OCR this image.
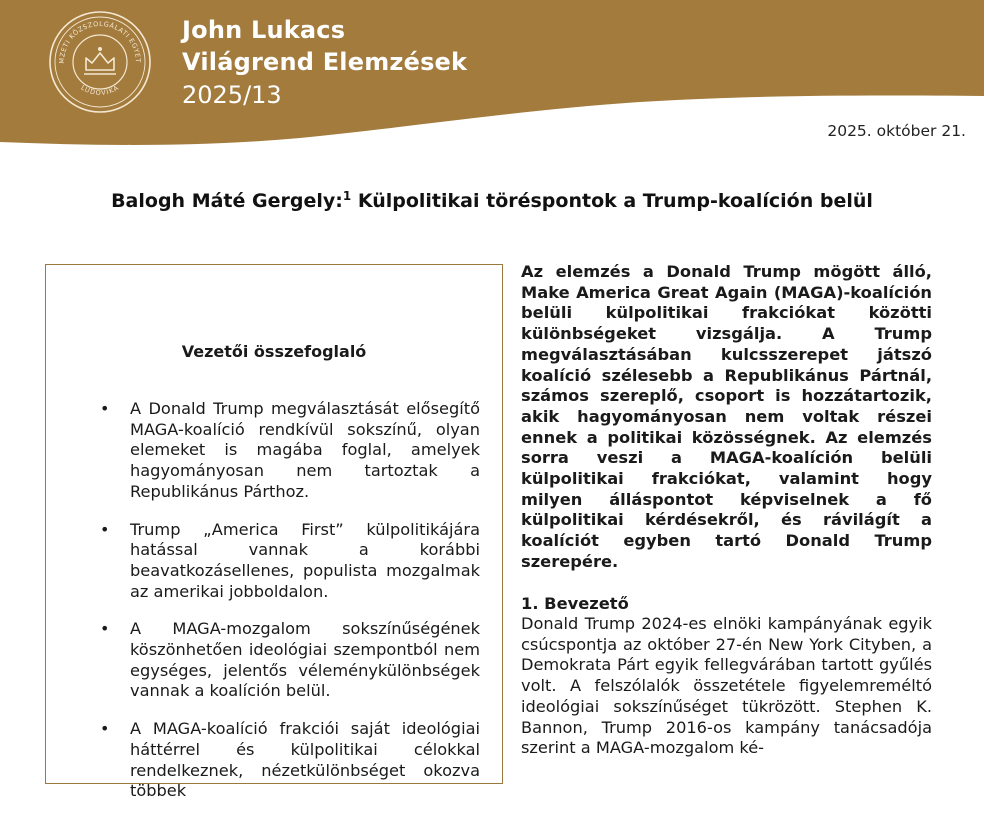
MZETI KÖZSZOLGÁLATI EGYET
LUDOVIKA

John Lukacs

Világrend Elemzések

2025/13

2025. október 21.
Balogh Máté Gergely:$^1$ Külpolitikai töréspontok a Trump-koalíción belül
Vezetői összefoglaló
• A Donald Trump megválasztását elősegítő MAGA-koalíció rendkívül sokszínű, olyan elemeket is magába foglal, amelyek hagyományosan nem tartoztak a Republikánus Párthoz.
• Trump „America First” külpolitikájára hatással vannak a korábbi beavatkozásellenes, populista mozgalmak az amerikai jobboldalon.
• A MAGA-mozgalom sokszínűségének köszönhetően ideológiai szempontból nem egységes, jelentős véleménykülönbségek vannak a koalíción belül.
• A MAGA-koalíció frakciói saját ideológiai háttérrel és külpolitikai célokkal rendelkeznek, nézetkülönbséget okozva többek

Az elemzés a Donald Trump mögött álló, Make America Great Again (MAGA)-koalíción belüli külpolitikai frakciókat közötti különbségeket vizsgálja. A Trump megválasztásában kulcsszerepet játszó koalíció szélesebb a Republikánus Pártnál, számos szereplő, csoport is hozzátartozik, akik hagyományosan nem voltak részei ennek a politikai közösségnek. Az elemzés sorra veszi a MAGA-koalíción belüli külpolitikai frakciókat, valamint hogy milyen álláspontot képviselnek a fő külpolitikai kérdésekről, és rávilágít a koalíciót egyben tartó Donald Trump szerepére.

1. Bevezető

Donald Trump 2024-es elnöki kampányának egyik csúcspontja az október 27-én New York Cityben, a Demokrata Párt egyik fellegvárában tartott gyűlés volt. A felszólalók összetétele figyelemreméltó ideológiai sokszínűséget tükrözött. Stephen K. Bannon, Trump 2016-os kampány tanácsadója szerint a MAGA-mozgalom ké-
